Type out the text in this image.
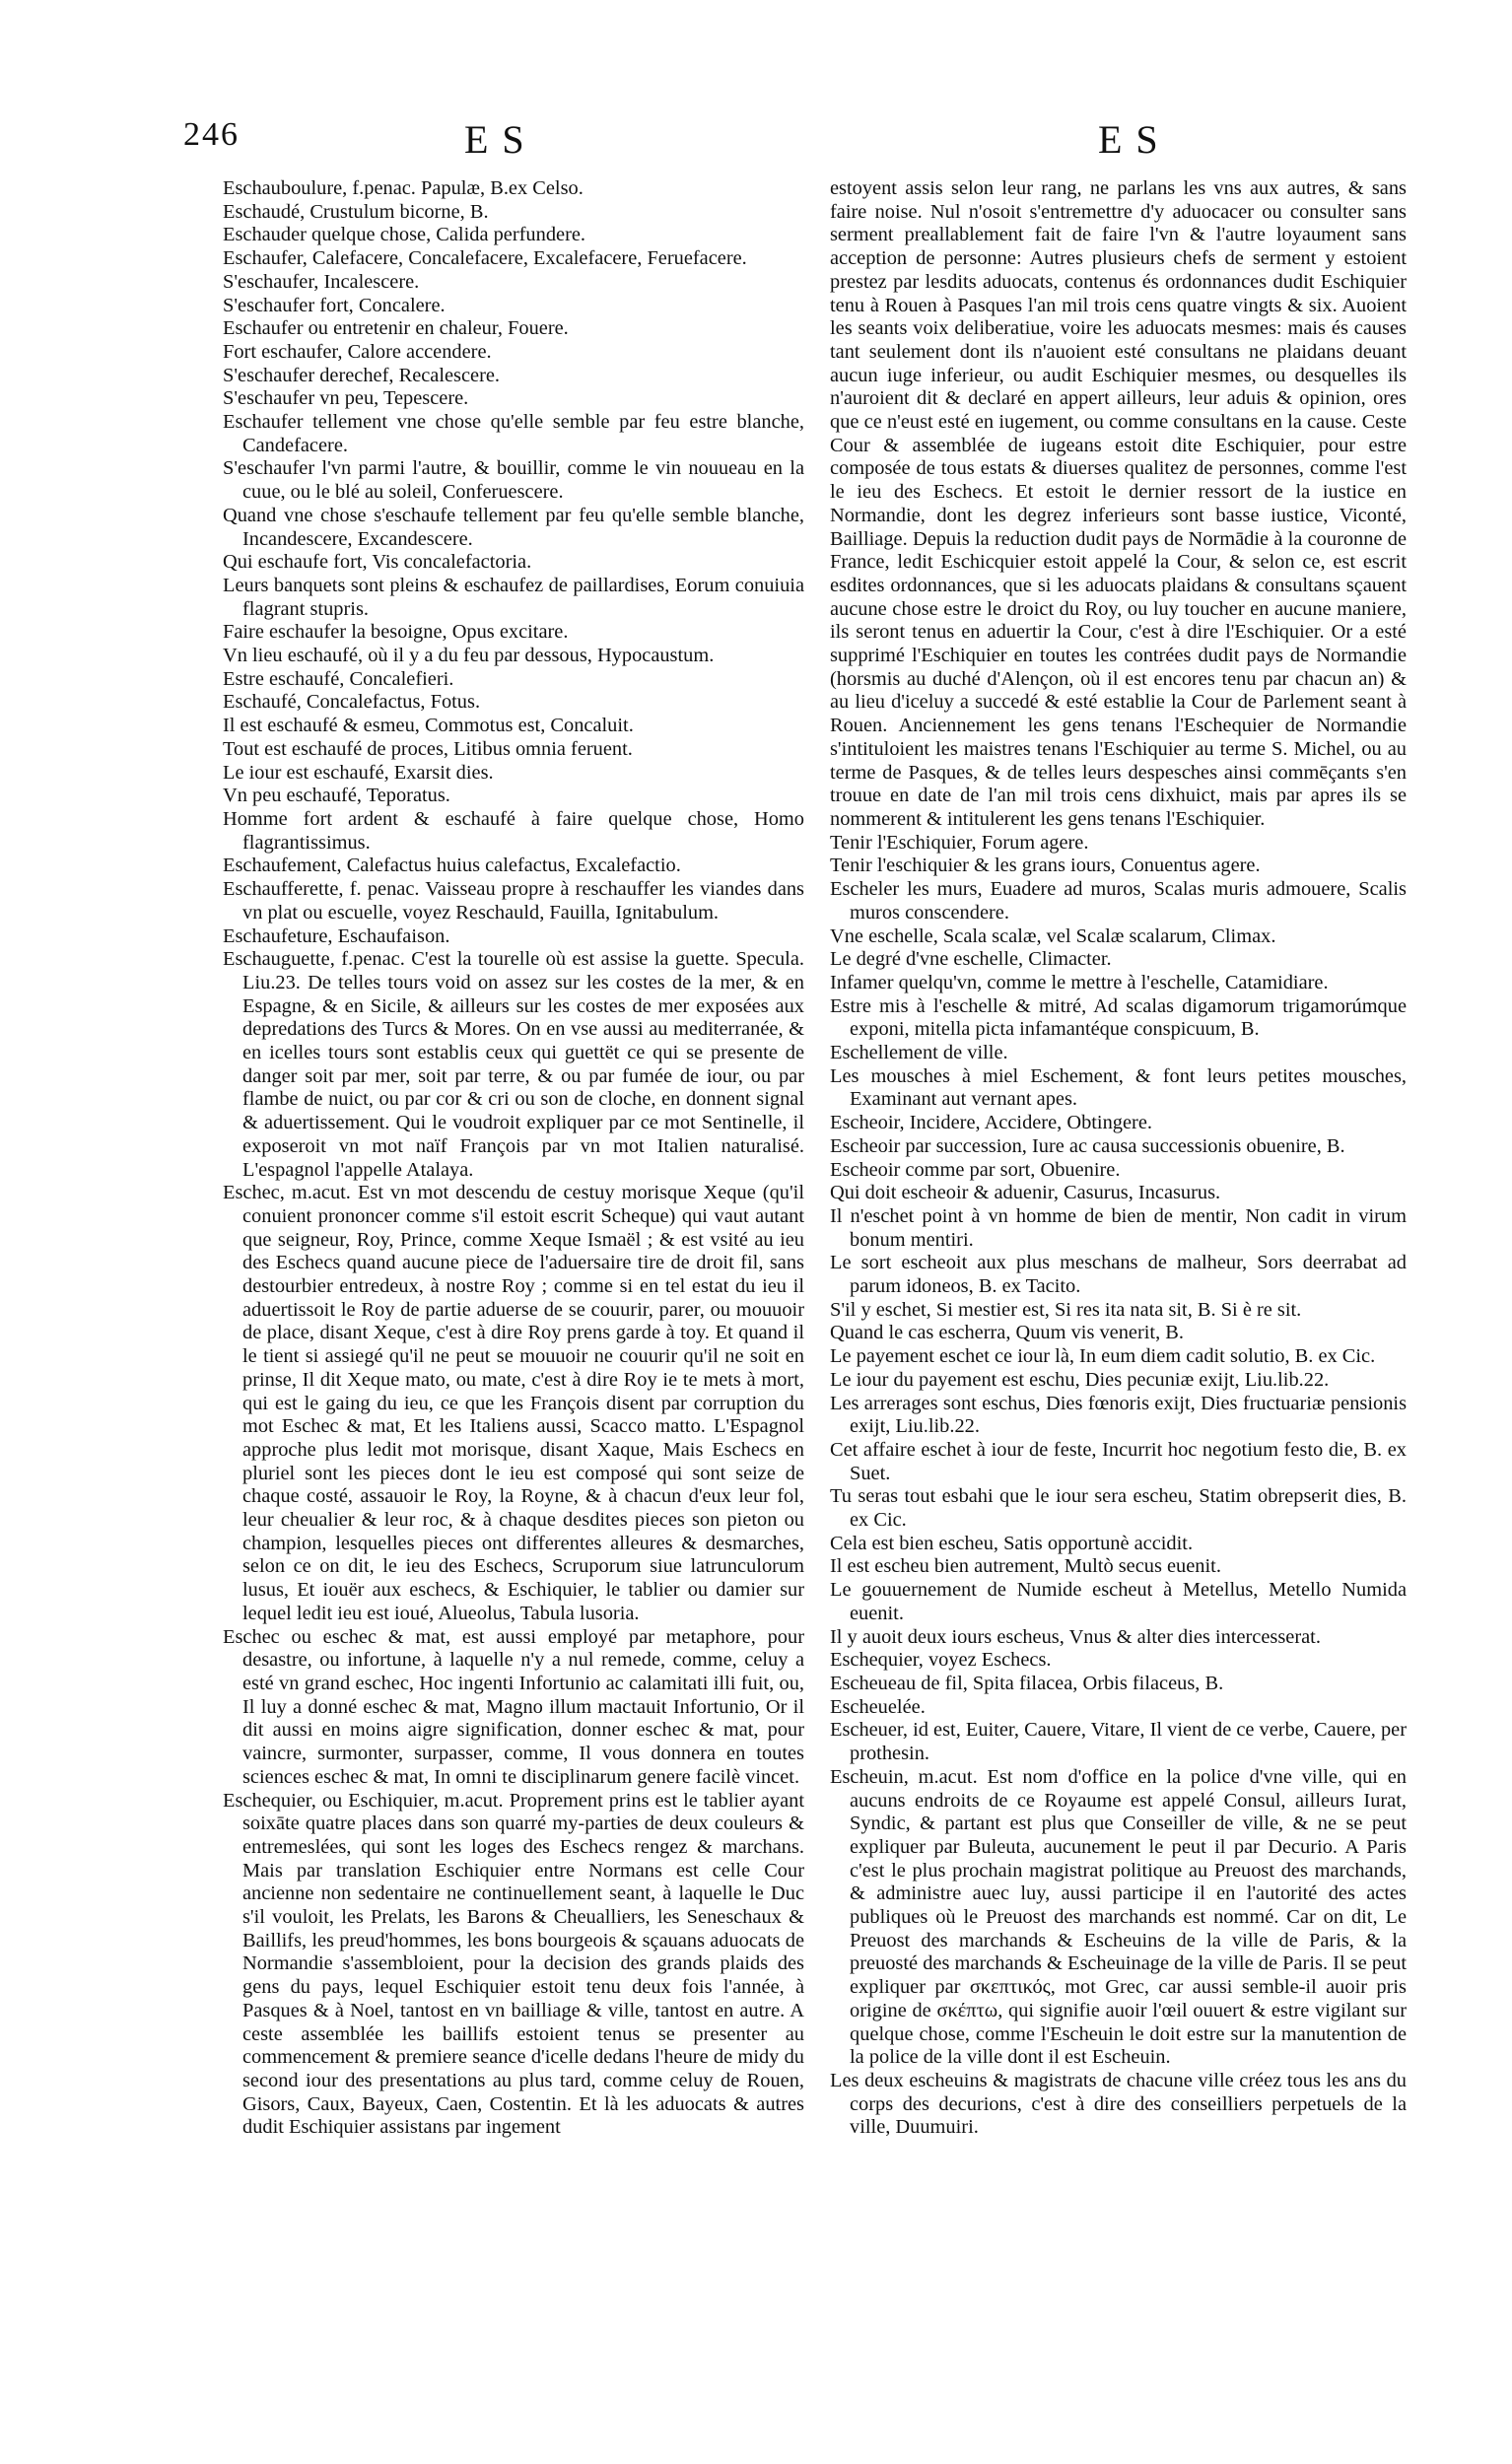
246	E S	E S

Eschauboulure, f.penac. Papulæ, B.ex Celso.

Eschaudé, Crustulum bicorne, B.

Eschauder quelque chose, Calida perfundere.

Eschaufer, Calefacere, Concalefacere, Excalefacere, Feruefacere.

S'eschaufer, Incalescere.

S'eschaufer fort, Concalere.

Eschaufer ou entretenir en chaleur, Fouere.

Fort eschaufer, Calore accendere.

S'eschaufer derechef, Recalescere.

S'eschaufer vn peu, Tepescere.

Eschaufer tellement vne chose qu'elle semble par feu estre blanche, Candefacere.

S'eschaufer l'vn parmi l'autre, & bouillir, comme le vin nouueau en la cuue, ou le blé au soleil, Conferuescere.

Quand vne chose s'eschaufe tellement par feu qu'elle semble blanche, Incandescere, Excandescere.

Qui eschaufe fort, Vis concalefactoria.

Leurs banquets sont pleins & eschaufez de paillardises, Eorum conuiuia flagrant stupris.

Faire eschaufer la besoigne, Opus excitare.

Vn lieu eschaufé, où il y a du feu par dessous, Hypocaustum.

Estre eschaufé, Concalefieri.

Eschaufé, Concalefactus, Fotus.

Il est eschaufé & esmeu, Commotus est, Concaluit.

Tout est eschaufé de proces, Litibus omnia feruent.

Le iour est eschaufé, Exarsit dies.

Vn peu eschaufé, Teporatus.

Homme fort ardent & eschaufé à faire quelque chose, Homo flagrantissimus.

Eschaufement, Calefactus huius calefactus, Excalefactio.

Eschaufferette, f. penac. Vaisseau propre à reschauffer les viandes dans vn plat ou escuelle, voyez Reschauld, Fauilla, Ignitabulum.

Eschaufeture, Eschaufaison.

Eschauguette, f.penac. C'est la tourelle où est assise la guette. Specula. Liu.23. De telles tours void on assez sur les costes de la mer, & en Espagne, & en Sicile, & ailleurs sur les costes de mer exposées aux depredations des Turcs & Mores. On en vse aussi au mediterranée, & en icelles tours sont establis ceux qui guettët ce qui se presente de danger soit par mer, soit par terre, & ou par fumée de iour, ou par flambe de nuict, ou par cor & cri ou son de cloche, en donnent signal & aduertissement. Qui le voudroit expliquer par ce mot Sentinelle, il exposeroit vn mot naïf François par vn mot Italien naturalisé. L'espagnol l'appelle Atalaya.

Eschec, m.acut. Est vn mot descendu de cestuy morisque Xeque (qu'il conuient prononcer comme s'il estoit escrit Scheque) qui vaut autant que seigneur, Roy, Prince, comme Xeque Ismaël ; & est vsité au ieu des Eschecs quand aucune piece de l'aduersaire tire de droit fil, sans destourbier entredeux, à nostre Roy ; comme si en tel estat du ieu il aduertissoit le Roy de partie aduerse de se couurir, parer, ou mouuoir de place, disant Xeque, c'est à dire Roy prens garde à toy. Et quand il le tient si assiegé qu'il ne peut se mouuoir ne couurir qu'il ne soit en prinse, Il dit Xeque mato, ou mate, c'est à dire Roy ie te mets à mort, qui est le gaing du ieu, ce que les François disent par corruption du mot Eschec & mat, Et les Italiens aussi, Scacco matto. L'Espagnol approche plus ledit mot morisque, disant Xaque, Mais Eschecs en pluriel sont les pieces dont le ieu est composé qui sont seize de chaque costé, assauoir le Roy, la Royne, & à chacun d'eux leur fol, leur cheualier & leur roc, & à chaque desdites pieces son pieton ou champion, lesquelles pieces ont differentes alleures & desmarches, selon ce on dit, le ieu des Eschecs, Scruporum siue latrunculorum lusus, Et iouër aux eschecs, & Eschiquier, le tablier ou damier sur lequel ledit ieu est ioué, Alueolus, Tabula lusoria.

Eschec ou eschec & mat, est aussi employé par metaphore, pour desastre, ou infortune, à laquelle n'y a nul remede, comme, celuy a esté vn grand eschec, Hoc ingenti Infortunio ac calamitati illi fuit, ou, Il luy a donné eschec & mat, Magno illum mactauit Infortunio, Or il dit aussi en moins aigre signification, donner eschec & mat, pour vaincre, surmonter, surpasser, comme, Il vous donnera en toutes sciences eschec & mat, In omni te disciplinarum genere facilè vincet.

Eschequier, ou Eschiquier, m.acut. Proprement prins est le tablier ayant soixāte quatre places dans son quarré my-parties de deux couleurs & entremeslées, qui sont les loges des Eschecs rengez & marchans. Mais par translation Eschiquier entre Normans est celle Cour ancienne non sedentaire ne continuellement seant, à laquelle le Duc s'il vouloit, les Prelats, les Barons & Cheualliers, les Seneschaux & Baillifs, les preud'hommes, les bons bourgeois & sçauans aduocats de Normandie s'assembloient, pour la decision des grands plaids des gens du pays, lequel Eschiquier estoit tenu deux fois l'année, à Pasques & à Noel, tantost en vn bailliage & ville, tantost en autre. A ceste assemblée les baillifs estoient tenus se presenter au commencement & premiere seance d'icelle dedans l'heure de midy du second iour des presentations au plus tard, comme celuy de Rouen, Gisors, Caux, Bayeux, Caen, Costentin. Et là les aduocats & autres dudit Eschiquier assistans par ingement

estoyent assis selon leur rang, ne parlans les vns aux autres, & sans faire noise. Nul n'osoit s'entremettre d'y aduocacer ou consulter sans serment preallablement fait de faire l'vn & l'autre loyaument sans acception de personne: Autres plusieurs chefs de serment y estoient prestez par lesdits aduocats, contenus és ordonnances dudit Eschiquier tenu à Rouen à Pasques l'an mil trois cens quatre vingts & six. Auoient les seants voix deliberatiue, voire les aduocats mesmes: mais és causes tant seulement dont ils n'auoient esté consultans ne plaidans deuant aucun iuge inferieur, ou audit Eschiquier mesmes, ou desquelles ils n'auroient dit & declaré en appert ailleurs, leur aduis & opinion, ores que ce n'eust esté en iugement, ou comme consultans en la cause. Ceste Cour & assemblée de iugeans estoit dite Eschiquier, pour estre composée de tous estats & diuerses qualitez de personnes, comme l'est le ieu des Eschecs. Et estoit le dernier ressort de la iustice en Normandie, dont les degrez inferieurs sont basse iustice, Viconté, Bailliage. Depuis la reduction dudit pays de Normādie à la couronne de France, ledit Eschicquier estoit appelé la Cour, & selon ce, est escrit esdites ordonnances, que si les aduocats plaidans & consultans sçauent aucune chose estre le droict du Roy, ou luy toucher en aucune maniere, ils seront tenus en aduertir la Cour, c'est à dire l'Eschiquier. Or a esté supprimé l'Eschiquier en toutes les contrées dudit pays de Normandie (horsmis au duché d'Alençon, où il est encores tenu par chacun an) & au lieu d'iceluy a succedé & esté establie la Cour de Parlement seant à Rouen. Anciennement les gens tenans l'Eschequier de Normandie s'intituloient les maistres tenans l'Eschiquier au terme S. Michel, ou au terme de Pasques, & de telles leurs despesches ainsi commēçants s'en trouue en date de l'an mil trois cens dixhuict, mais par apres ils se nommerent & intitulerent les gens tenans l'Eschiquier.

Tenir l'Eschiquier, Forum agere.

Tenir l'eschiquier & les grans iours, Conuentus agere.

Escheler les murs, Euadere ad muros, Scalas muris admouere, Scalis muros conscendere.

Vne eschelle, Scala scalæ, vel Scalæ scalarum, Climax.

Le degré d'vne eschelle, Climacter.

Infamer quelqu'vn, comme le mettre à l'eschelle, Catamidiare.

Estre mis à l'eschelle & mitré, Ad scalas digamorum trigamorúmque exponi, mitella picta infamantéque conspicuum, B.

Eschellement de ville.

Les mousches à miel Eschement, & font leurs petites mousches, Examinant aut vernant apes.

Escheoir, Incidere, Accidere, Obtingere.

Escheoir par succession, Iure ac causa successionis obuenire, B.

Escheoir comme par sort, Obuenire.

Qui doit escheoir & aduenir, Casurus, Incasurus.

Il n'eschet point à vn homme de bien de mentir, Non cadit in virum bonum mentiri.

Le sort escheoit aux plus meschans de malheur, Sors deerrabat ad parum idoneos, B. ex Tacito.

S'il y eschet, Si mestier est, Si res ita nata sit, B. Si è re sit.

Quand le cas escherra, Quum vis venerit, B.

Le payement eschet ce iour là, In eum diem cadit solutio, B. ex Cic.

Le iour du payement est eschu, Dies pecuniæ exijt, Liu.lib.22.

Les arrerages sont eschus, Dies fœnoris exijt, Dies fructuariæ pensionis exijt, Liu.lib.22.

Cet affaire eschet à iour de feste, Incurrit hoc negotium festo die, B. ex Suet.

Tu seras tout esbahi que le iour sera escheu, Statim obrepserit dies, B. ex Cic.

Cela est bien escheu, Satis opportunè accidit.

Il est escheu bien autrement, Multò secus euenit.

Le gouuernement de Numide escheut à Metellus, Metello Numida euenit.

Il y auoit deux iours escheus, Vnus & alter dies intercesserat.

Eschequier, voyez Eschecs.

Escheueau de fil, Spita filacea, Orbis filaceus, B.

Escheuelée.

Escheuer, id est, Euiter, Cauere, Vitare, Il vient de ce verbe, Cauere, per prothesin.

Escheuin, m.acut. Est nom d'office en la police d'vne ville, qui en aucuns endroits de ce Royaume est appelé Consul, ailleurs Iurat, Syndic, & partant est plus que Conseiller de ville, & ne se peut expliquer par Buleuta, aucunement le peut il par Decurio. A Paris c'est le plus prochain magistrat politique au Preuost des marchands, & administre auec luy, aussi participe il en l'autorité des actes publiques où le Preuost des marchands est nommé. Car on dit, Le Preuost des marchands & Escheuins de la ville de Paris, & la preuosté des marchands & Escheuinage de la ville de Paris. Il se peut expliquer par σκεπτικός, mot Grec, car aussi semble-il auoir pris origine de σκέπτω, qui signifie auoir l'œil ouuert & estre vigilant sur quelque chose, comme l'Escheuin le doit estre sur la manutention de la police de la ville dont il est Escheuin.

Les deux escheuins & magistrats de chacune ville créez tous les ans du corps des decurions, c'est à dire des conseilliers perpetuels de la ville, Duumuiri.
